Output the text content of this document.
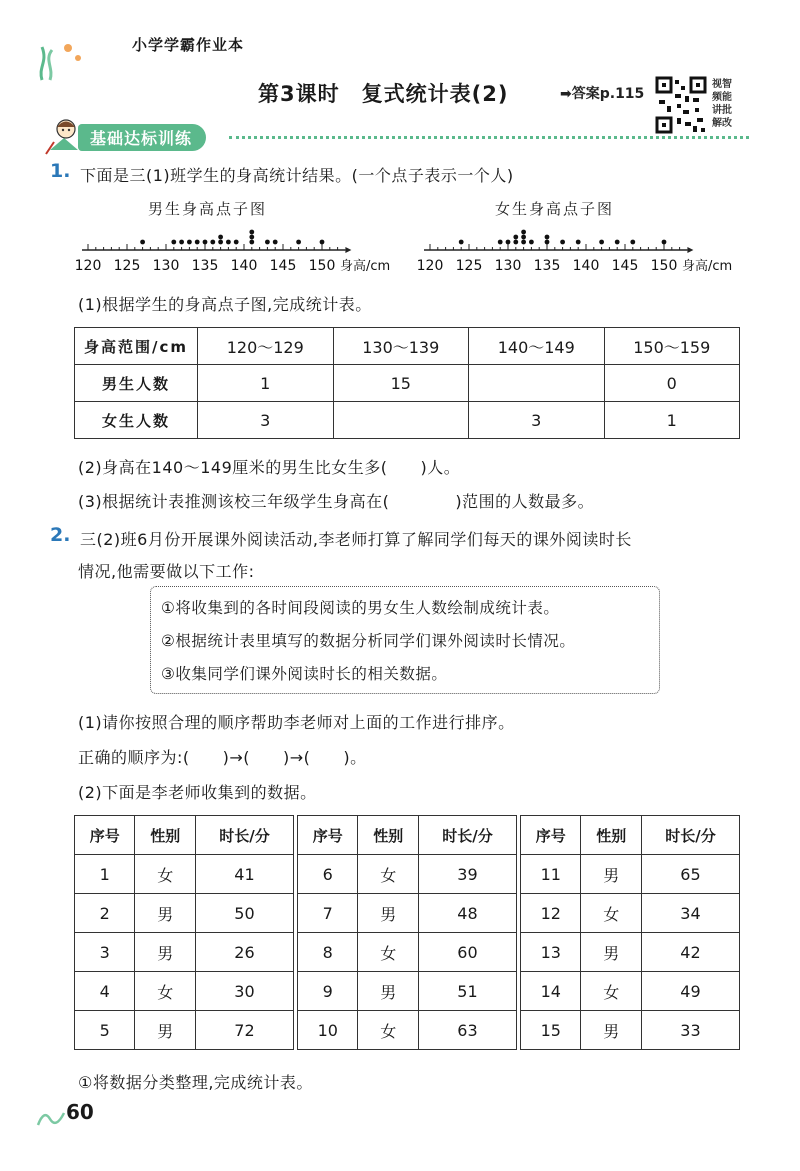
小学学霸作业本
第3课时　复式统计表(2)	➡答案p.115
视智
频能
讲批
解改
基础达标训练
1. 下面是三(1)班学生的身高统计结果。(一个点子表示一个人)
男生身高点子图	女生身高点子图
120 125 130 135 140 145 150 身高/cm 120 125 130 135 140 145 150 身高/cm
(1)根据学生的身高点子图,完成统计表。
身高范围/cm	120～129	130～139	140～149	150～159
男生人数	1	15		0
女生人数	3		3	1
(2)身高在140～149厘米的男生比女生多(　　)人。
(3)根据统计表推测该校三年级学生身高在(　　　　)范围的人数最多。
2. 三(2)班6月份开展课外阅读活动,李老师打算了解同学们每天的课外阅读时长
情况,他需要做以下工作:
①将收集到的各时间段阅读的男女生人数绘制成统计表。
②根据统计表里填写的数据分析同学们课外阅读时长情况。
③收集同学们课外阅读时长的相关数据。
(1)请你按照合理的顺序帮助李老师对上面的工作进行排序。
正确的顺序为:(　　)→(　　)→(　　)。
(2)下面是李老师收集到的数据。
序号	性别	时长/分
1	女	41
2	男	50
3	男	26
4	女	30
5	男	72
序号	性别	时长/分
6	女	39
7	男	48
8	女	60
9	男	51
10	女	63
序号	性别	时长/分
11	男	65
12	女	34
13	男	42
14	女	49
15	男	33
①将数据分类整理,完成统计表。
60
